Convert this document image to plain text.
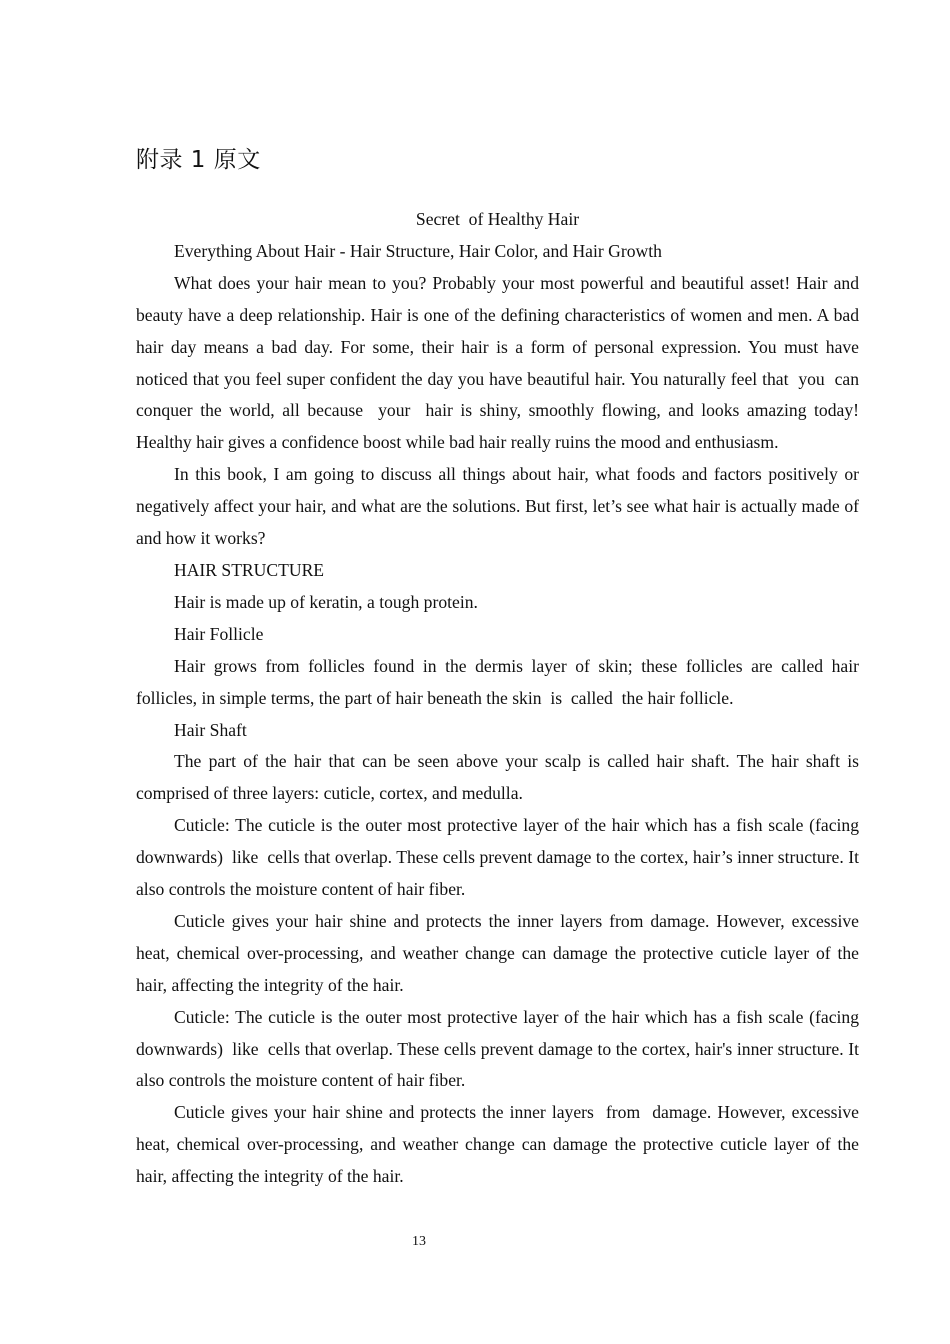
附录 1 原文

Secret  of Healthy Hair

Everything About Hair - Hair Structure, Hair Color, and Hair Growth

What does your hair mean to you? Probably your most powerful and beautiful asset! Hair and beauty have a deep relationship. Hair is one of the defining characteristics of women and men. A bad hair day means a bad day. For some, their hair is a form of personal expression. You must have noticed that you feel super confident the day you have beautiful hair. You naturally feel that  you  can conquer the world, all because  your  hair is shiny, smoothly flowing, and looks amazing today! Healthy hair gives a confidence boost while bad hair really ruins the mood and enthusiasm.

In this book, I am going to discuss all things about hair, what foods and factors positively or negatively affect your hair, and what are the solutions. But first, let’s see what hair is actually made of and how it works?

HAIR STRUCTURE

Hair is made up of keratin, a tough protein.

Hair Follicle

Hair grows from follicles found in the dermis layer of skin; these follicles are called hair follicles, in simple terms, the part of hair beneath the skin  is  called  the hair follicle.

Hair Shaft

The part of the hair that can be seen above your scalp is called hair shaft. The hair shaft is comprised of three layers: cuticle, cortex, and medulla.

Cuticle: The cuticle is the outer most protective layer of the hair which has a fish scale (facing downwards)  like  cells that overlap. These cells prevent damage to the cortex, hair’s inner structure. It also controls the moisture content of hair fiber.

Cuticle gives your hair shine and protects the inner layers from damage. However, excessive heat, chemical over-processing, and weather change can damage the protective cuticle layer of the hair, affecting the integrity of the hair.

Cuticle: The cuticle is the outer most protective layer of the hair which has a fish scale (facing downwards)  like  cells that overlap. These cells prevent damage to the cortex, hair's inner structure. It also controls the moisture content of hair fiber.

Cuticle gives your hair shine and protects the inner layers  from  damage. However, excessive heat, chemical over-processing, and weather change can damage the protective cuticle layer of the hair, affecting the integrity of the hair.

13
